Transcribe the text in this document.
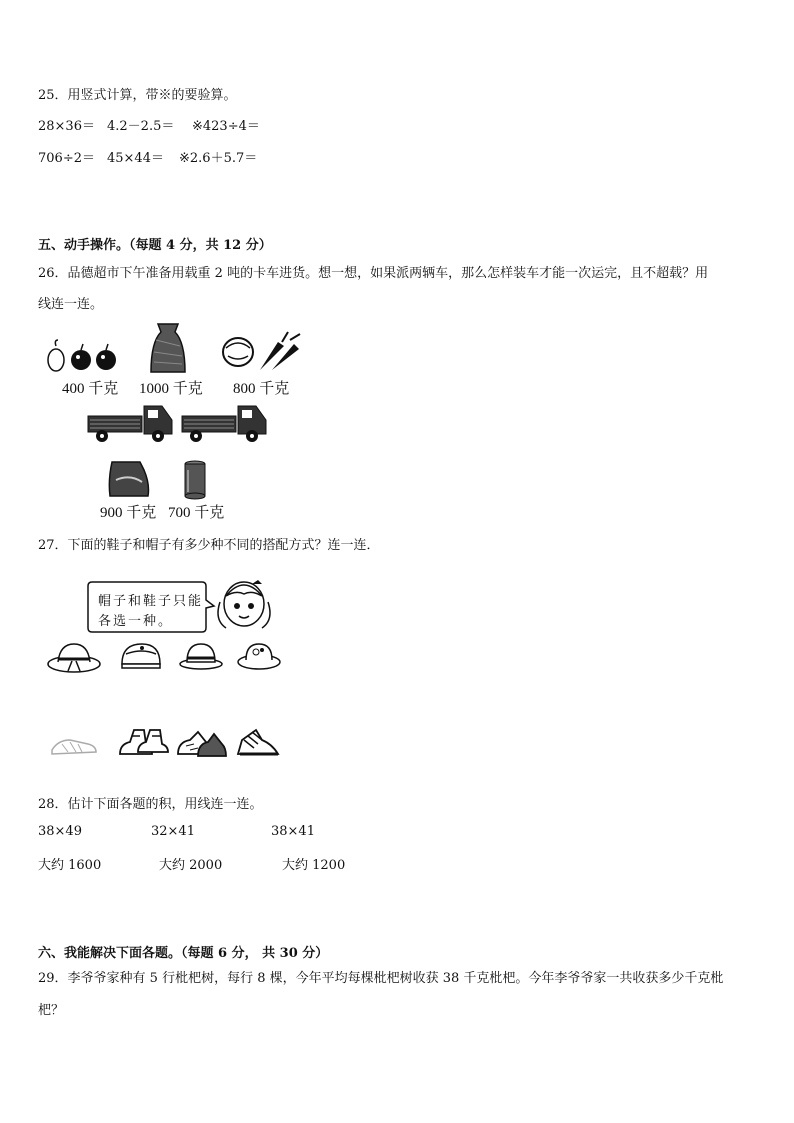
25．用竖式计算，带※的要验算。
28×36＝ 4.2－2.5＝ ※423÷4＝
706÷2＝ 45×44＝ ※2.6＋5.7＝
五、动手操作。（每题 4 分，共 12 分）
26．品德超市下午准备用载重 2 吨的卡车进货。想一想，如果派两辆车，那么怎样装车才能一次运完，且不超载？用
线连一连。
400 千克 1000 千克 800 千克
900 千克 700 千克
27．下面的鞋子和帽子有多少种不同的搭配方式？连一连．
帽子和鞋子只能
各选一种。
28．估计下面各题的积，用线连一连。
38×49	32×41	38×41
大约 1600	大约 2000	大约 1200
六、我能解决下面各题。（每题 6 分， 共 30 分）
29．李爷爷家种有 5 行枇杷树，每行 8 棵，今年平均每棵枇杷树收获 38 千克枇杷。今年李爷爷家一共收获多少千克枇
杷？
